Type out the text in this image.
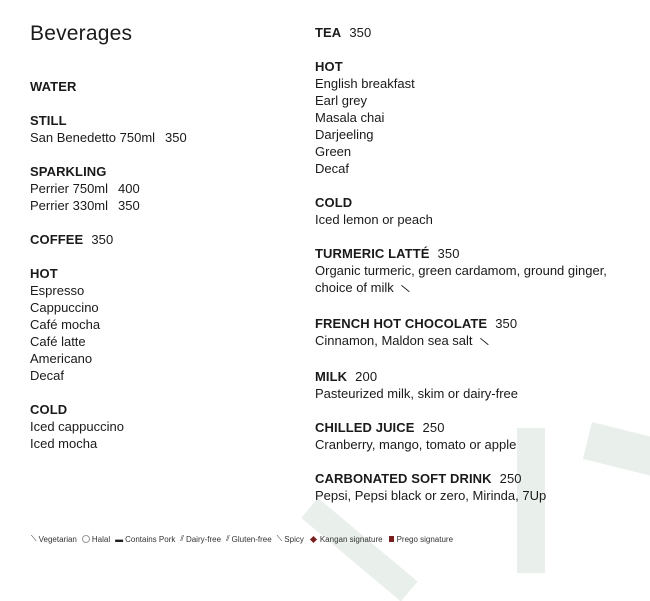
Beverages
WATER
STILL
San Benedetto 750ml 350
SPARKLING
Perrier 750ml 400
Perrier 330ml 350
COFFEE 350
HOT
Espresso
Cappuccino
Café mocha
Café latte
Americano
Decaf
COLD
Iced cappuccino
Iced mocha
TEA 350
HOT
English breakfast
Earl grey
Masala chai
Darjeeling
Green
Decaf
COLD
Iced lemon or peach
TURMERIC LATTÉ 350
Organic turmeric, green cardamom, ground ginger,
choice of milk ⟍
FRENCH HOT CHOCOLATE 350
Cinnamon, Maldon sea salt ⟍
MILK 200
Pasteurized milk, skim or dairy-free
CHILLED JUICE 250
Cranberry, mango, tomato or apple
CARBONATED SOFT DRINK 250
Pepsi, Pepsi black or zero, Mirinda, 7Up
⟍ Vegetarian Halal ▬ Contains Pork ⫽ Dairy-free ⫽ Gluten-free ⟍ Spicy Kangan signature Prego signature
